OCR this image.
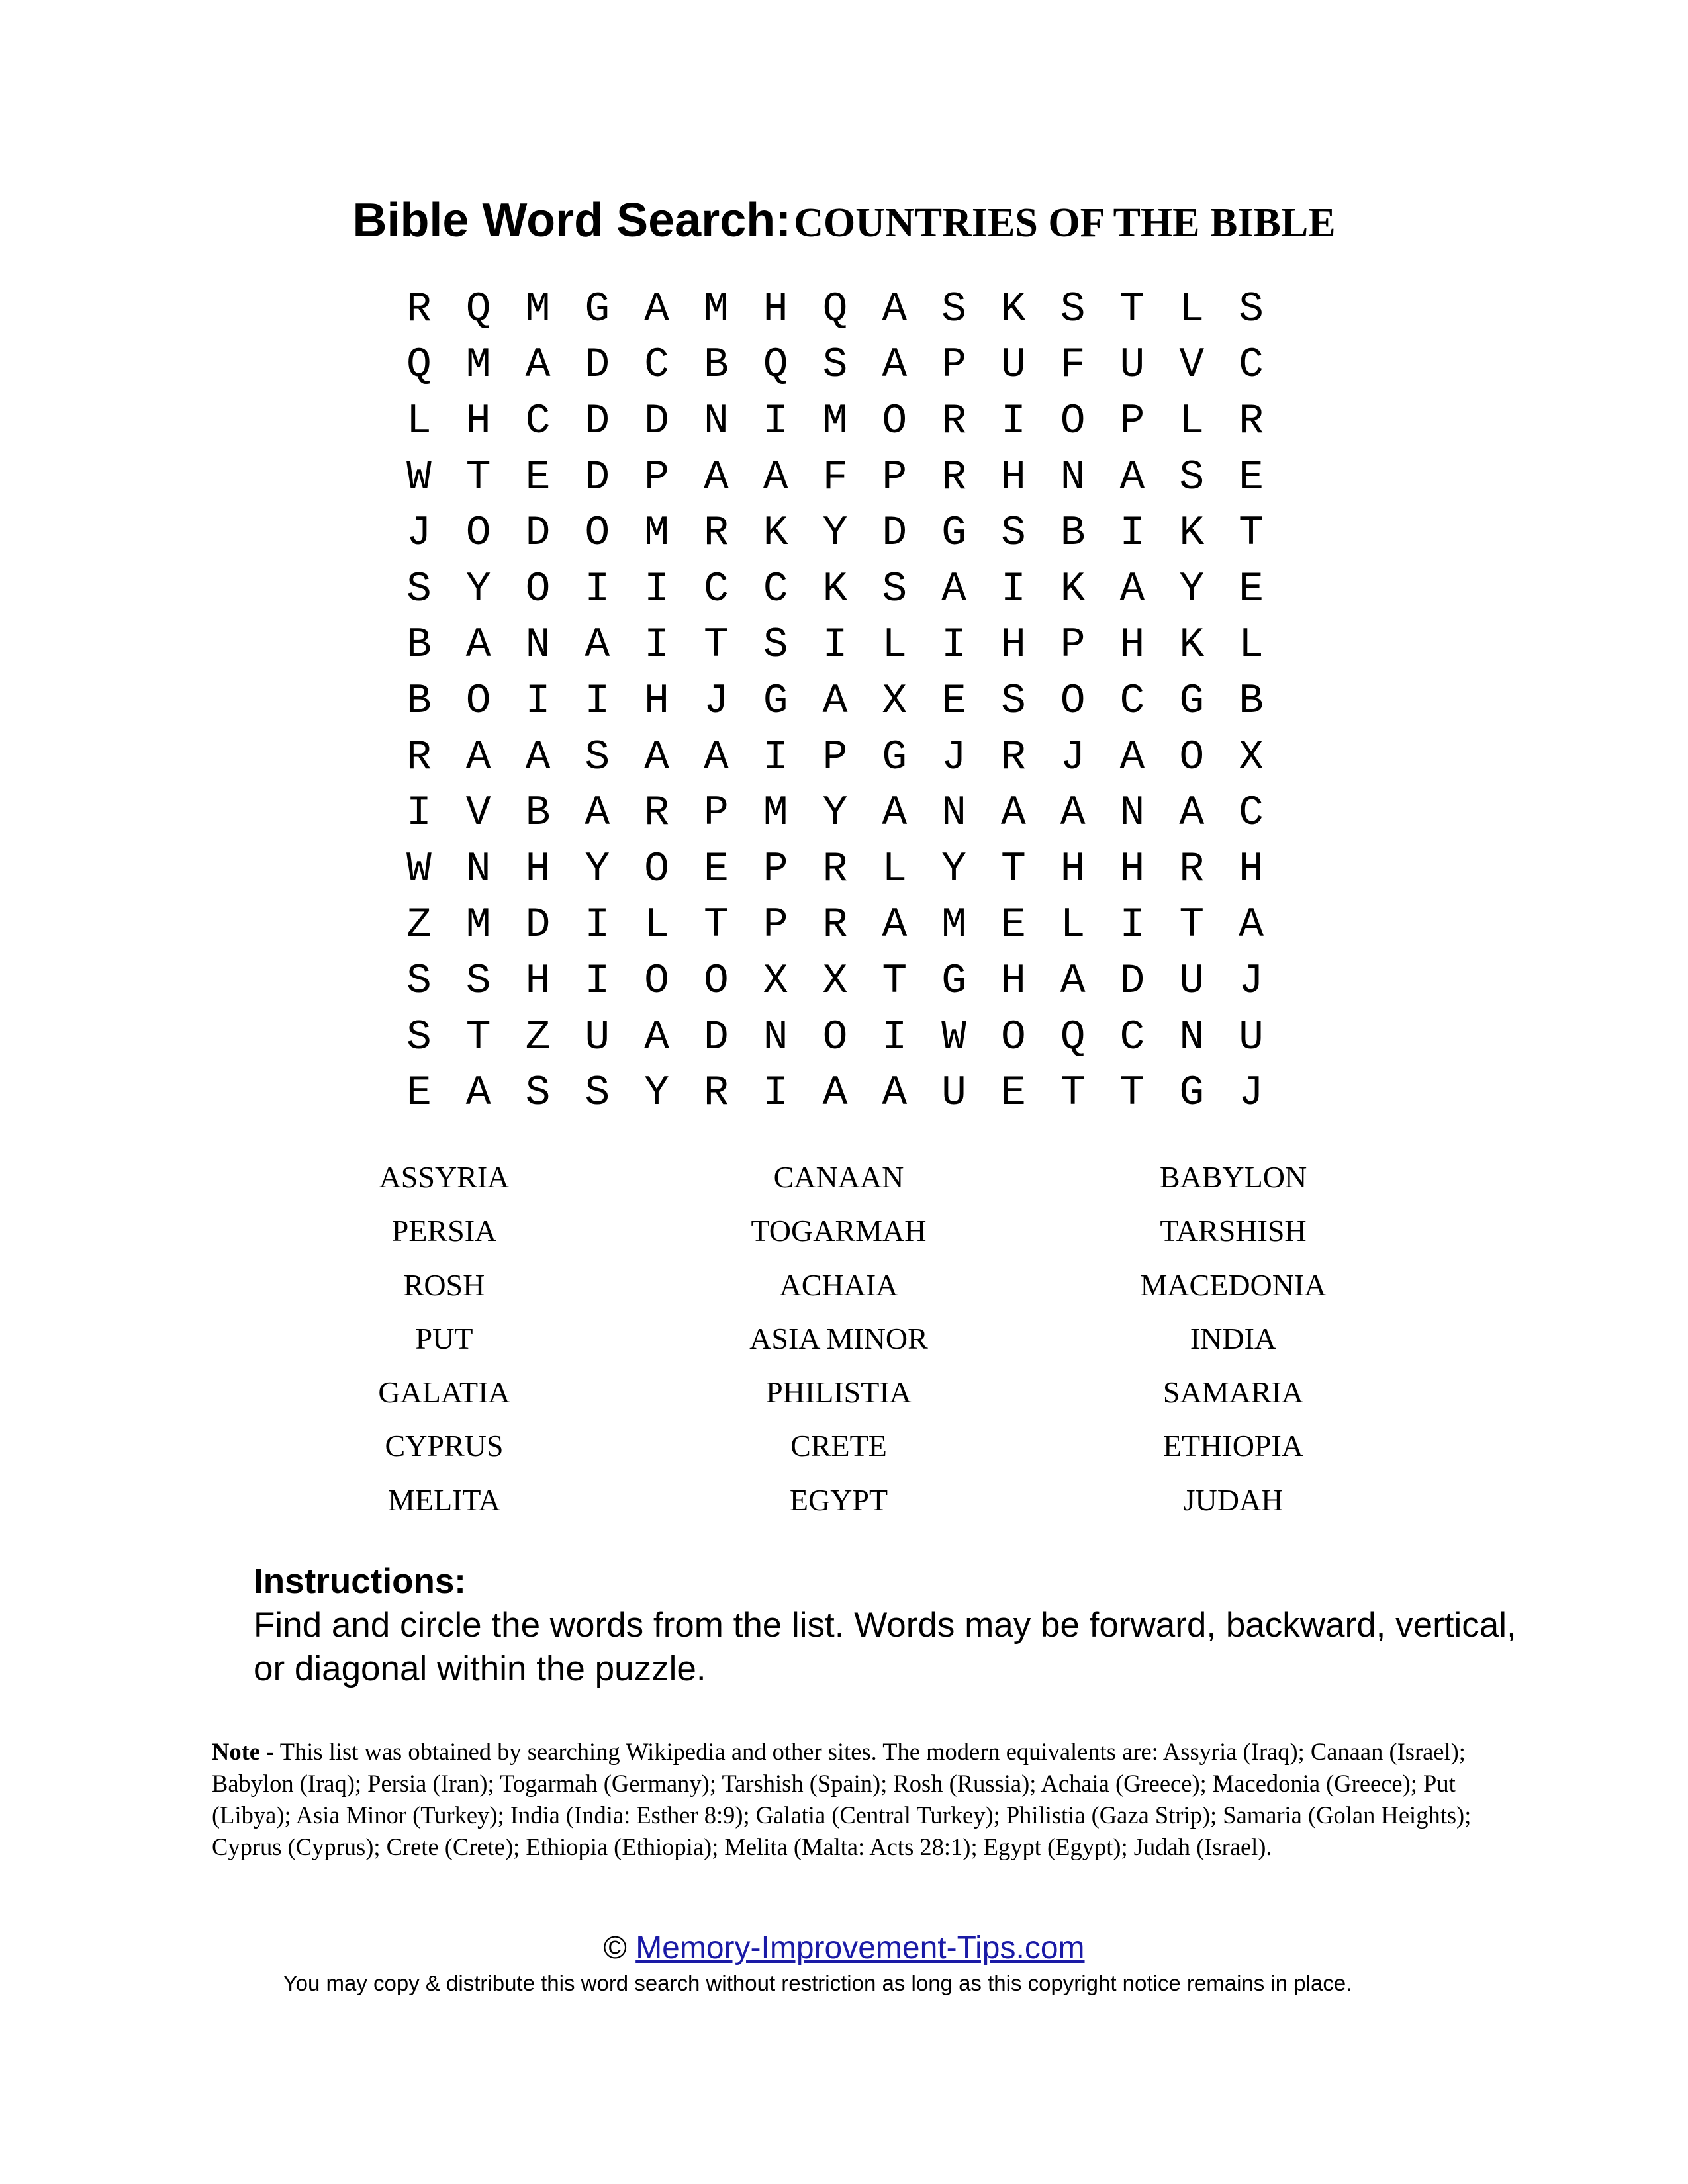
Bible Word Search: COUNTRIES OF THE BIBLE
R Q M G A M H Q A S K S T L S
Q M A D C B Q S A P U F U V C
L H C D D N I M O R I O P L R
W T E D P A A F P R H N A S E
J O D O M R K Y D G S B I K T
S Y O I I C C K S A I K A Y E
B A N A I T S I L I H P H K L
B O I I H J G A X E S O C G B
R A A S A A I P G J R J A O X
I V B A R P M Y A N A A N A C
W N H Y O E P R L Y T H H R H
Z M D I L T P R A M E L I T A
S S H I O O X X T G H A D U J
S T Z U A D N O I W O Q C N U
E A S S Y R I A A U E T T G J
ASSYRIA	CANAAN	BABYLON
PERSIA	TOGARMAH	TARSHISH
ROSH	ACHAIA	MACEDONIA
PUT	ASIA MINOR	INDIA
GALATIA	PHILISTIA	SAMARIA
CYPRUS	CRETE	ETHIOPIA
MELITA	EGYPT	JUDAH
Instructions:
Find and circle the words from the list. Words may be forward, backward, vertical, or diagonal within the puzzle.
Note - This list was obtained by searching Wikipedia and other sites. The modern equivalents are: Assyria (Iraq); Canaan (Israel); Babylon (Iraq); Persia (Iran); Togarmah (Germany); Tarshish (Spain); Rosh (Russia); Achaia (Greece); Macedonia (Greece); Put (Libya); Asia Minor (Turkey); India (India: Esther 8:9); Galatia (Central Turkey); Philistia (Gaza Strip); Samaria (Golan Heights); Cyprus (Cyprus); Crete (Crete); Ethiopia (Ethiopia); Melita (Malta: Acts 28:1); Egypt (Egypt); Judah (Israel).
© Memory-Improvement-Tips.com
You may copy & distribute this word search without restriction as long as this copyright notice remains in place.
